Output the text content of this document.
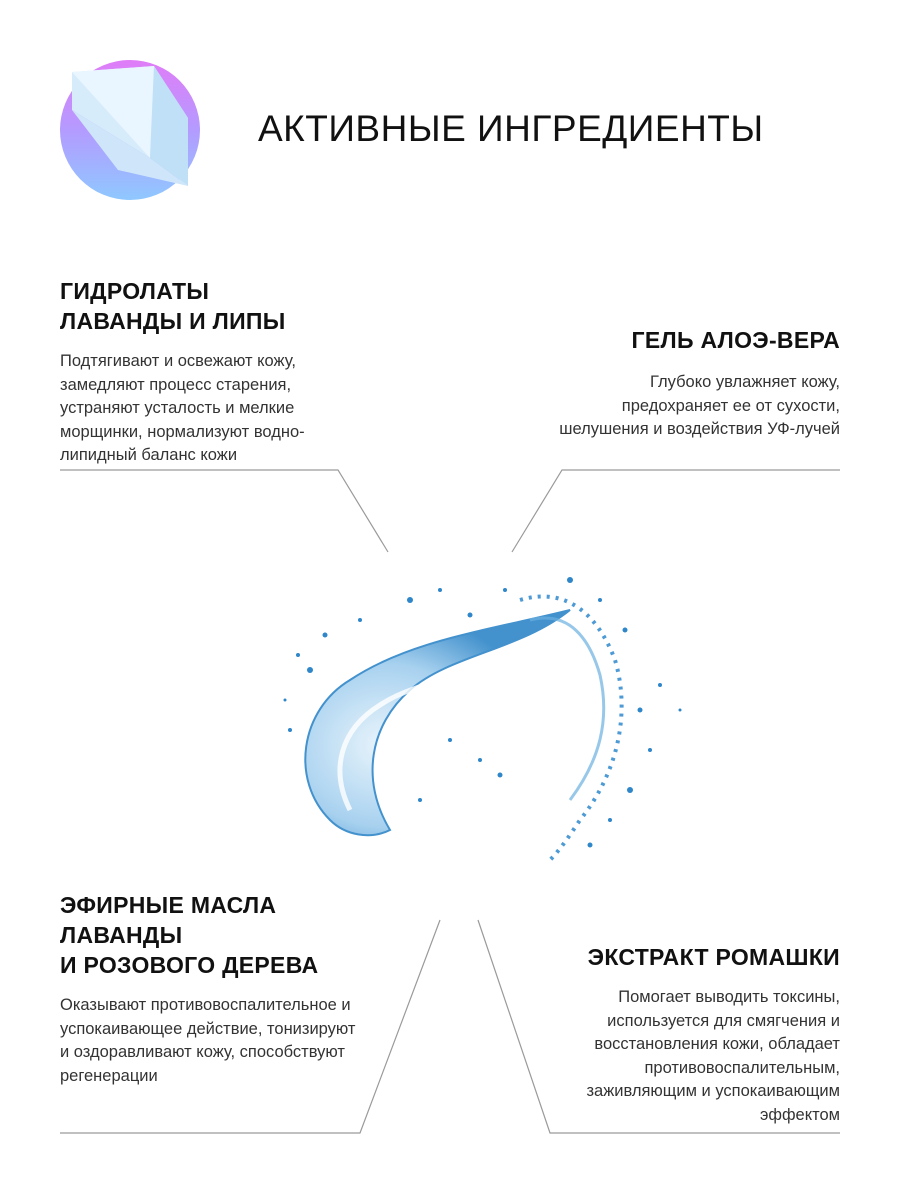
АКТИВНЫЕ ИНГРЕДИЕНТЫ
ГИДРОЛАТЫ
ЛАВАНДЫ И ЛИПЫ

Подтягивают и освежают кожу, замедляют процесс старения, устраняют усталость и мелкие морщинки, нормализуют водно-липидный баланс кожи

ГЕЛЬ АЛОЭ-ВЕРА

Глубоко увлажняет кожу, предохраняет ее от сухости, шелушения и воздействия УФ-лучей

ЭФИРНЫЕ МАСЛА
ЛАВАНДЫ
И РОЗОВОГО ДЕРЕВА

Оказывают противовоспалительное и успокаивающее действие, тонизируют и оздоравливают кожу, способствуют регенерации

ЭКСТРАКТ РОМАШКИ

Помогает выводить токсины, используется для смягчения и восстановления кожи, обладает противовоспалительным, заживляющим и успокаивающим эффектом
